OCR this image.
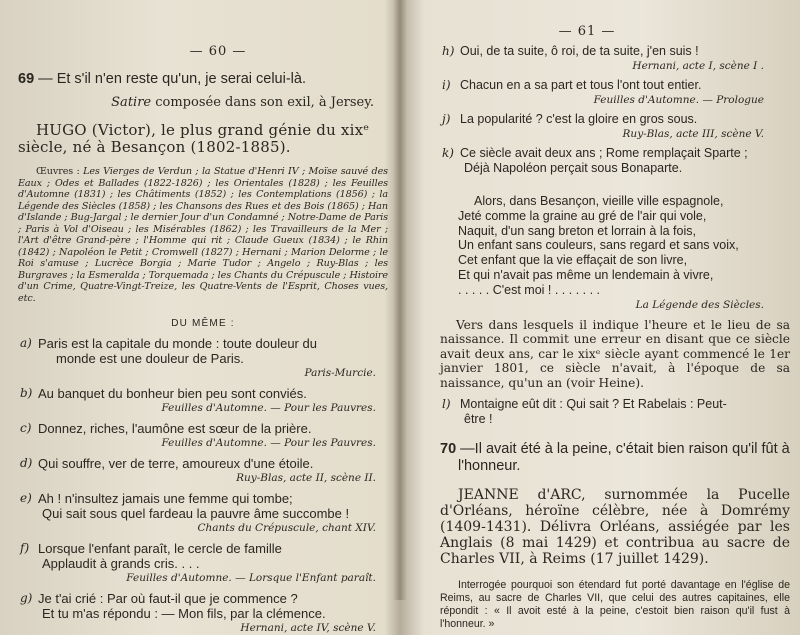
— 60 —
69 — Et s'il n'en reste qu'un, je serai celui-là.
Satire composée dans son exil, à Jersey.
HUGO (Victor), le plus grand génie du xixᵉ siècle, né à Besançon (1802-1885).
Œuvres : Les Vierges de Verdun ; la Statue d'Henri IV ; Moïse sauvé des Eaux ; Odes et Ballades (1822-1826) ; les Orientales (1828) ; les Feuilles d'Automne (1831) ; les Châtiments (1852) ; les Contemplations (1856) ; la Légende des Siècles (1858) ; les Chansons des Rues et des Bois (1865) ; Han d'Islande ; Bug-Jargal ; le dernier Jour d'un Condamné ; Notre-Dame de Paris ; Paris à Vol d'Oiseau ; les Misérables (1862) ; les Travailleurs de la Mer ; l'Art d'être Grand-père ; l'Homme qui rit ; Claude Gueux (1834) ; le Rhin (1842) ; Napoléon le Petit ; Cromwell (1827) ; Hernani ; Marion Delorme ; le Roi s'amuse ; Lucrèce Borgia ; Marie Tudor ; Angelo ; Ruy-Blas ; les Burgraves ; la Esmeralda ; Torquemada ; les Chants du Crépuscule ; Histoire d'un Crime, Quatre-Vingt-Treize, les Quatre-Vents de l'Esprit, Choses vues, etc.
DU MÊME :
a) Paris est la capitale du monde : toute douleur du
monde est une douleur de Paris.
Paris-Murcie.
b) Au banquet du bonheur bien peu sont conviés.
Feuilles d'Automne. — Pour les Pauvres.
c) Donnez, riches, l'aumône est sœur de la prière.
Feuilles d'Automne. — Pour les Pauvres.
d) Qui souffre, ver de terre, amoureux d'une étoile.
Ruy-Blas, acte II, scène II.
e) Ah ! n'insultez jamais une femme qui tombe;
Qui sait sous quel fardeau la pauvre âme succombe !
Chants du Crépuscule, chant XIV.
f) Lorsque l'enfant paraît, le cercle de famille
Applaudit à grands cris. . . .
Feuilles d'Automne. — Lorsque l'Enfant paraît.
g) Je t'ai crié : Par où faut-il que je commence ?
Et tu m'as répondu : — Mon fils, par la clémence.
Hernani, acte IV, scène V.
— 61 —
h) Oui, de ta suite, ô roi, de ta suite, j'en suis !
Hernani, acte I, scène I .
i) Chacun en a sa part et tous l'ont tout entier.
Feuilles d'Automne. — Prologue
j) La popularité ? c'est la gloire en gros sous.
Ruy-Blas, acte III, scène V.
k) Ce siècle avait deux ans ; Rome remplaçait Sparte ;
Déjà Napoléon perçait sous Bonaparte.
Alors, dans Besançon, vieille ville espagnole,
Jeté comme la graine au gré de l'air qui vole,
Naquit, d'un sang breton et lorrain à la fois,
Un enfant sans couleurs, sans regard et sans voix,
Cet enfant que la vie effaçait de son livre,
Et qui n'avait pas même un lendemain à vivre,
. . . . . C'est moi ! . . . . . . .
La Légende des Siècles.
Vers dans lesquels il indique l'heure et le lieu de sa naissance. Il commit une erreur en disant que ce siècle avait deux ans, car le xixᵉ siècle ayant commencé le 1er janvier 1801, ce siècle n'avait, à l'époque de sa naissance, qu'un an (voir Heine).
l) Montaigne eût dit : Qui sait ? Et Rabelais : Peut-
être !
70 —Il avait été à la peine, c'était bien raison qu'il fût à l'honneur.
JEANNE d'ARC, surnommée la Pucelle d'Orléans, héroïne célèbre, née à Domrémy (1409-1431). Délivra Orléans, assiégée par les Anglais (8 mai 1429) et contribua au sacre de Charles VII, à Reims (17 juillet 1429).
Interrogée pourquoi son étendard fut porté davantage en l'église de Reims, au sacre de Charles VII, que celui des autres capitaines, elle répondit : « Il avoit esté à la peine, c'estoit bien raison qu'il fust à l'honneur. »
